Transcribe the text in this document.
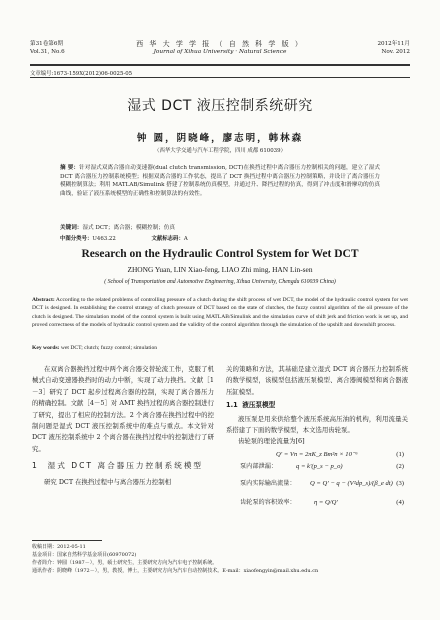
第31卷第6期
Vol.31, No.6
西 华 大 学 学 报 （ 自 然 科 学 版 ）
Journal of Xihua University · Natural Science
2012年11月
Nov. 2012
文章编号:1673-159X(2012)06-0025-05
湿式 DCT 液压控制系统研究
钟 圆，阴晓峰，廖志明，韩林森
（西华大学交通与汽车工程学院，四川 成都 610039）
摘 要：针对湿式双离合器自动变速器(dual clutch transmission, DCT)在换挡过程中离合器压力控制相关的问题，建立了湿式 DCT 离合器压力控制系统模型；根据双离合器的工作状态，提出了 DCT 换挡过程中离合器压力控制策略，并设计了离合器压力模糊控制算法；利用 MATLAB/Simulink 搭建了控制系统仿真模型，并通过升、降挡过程的仿真，得到了冲击度和滑摩功的仿真曲线，验证了液压系统模型的正确性和控制算法的有效性。
关键词：湿式 DCT；离合器；模糊控制；仿真
中图分类号：U463.22	文献标志码：A
Research on the Hydraulic Control System for Wet DCT
ZHONG Yuan, LIN Xiao-feng, LIAO Zhi ming, HAN Lin-sen
( School of Transportation and Automotive Engineering, Xihua University, Chengdu 610039 China)
Abstract: According to the related problems of controlling pressure of a clutch during the shift process of wet DCT, the model of the hydraulic control system for wet DCT is designed. In establishing the control strategy of clutch pressure of DCT based on the state of clutches, the fuzzy control algorithm of the oil pressure of the clutch is designed. The simulation model of the control system is built using MATLAB/Simulink and the simulation curve of shift jerk and friction work is set up, and proved correctness of the models of hydraulic control system and the validity of the control algorithm through the simulation of the upshift and downshift process.
Key words: wet DCT; clutch; fuzzy control; simulation

在双离合器换挡过程中两个离合器交替轮流工作，克服了机械式自动变速器换挡时的动力中断，实现了动力换挡。文献［1－3］研究了 DCT 起步过程离合器的控制，实现了离合器压力的精确控制。文献［4－5］对 AMT 换挡过程的离合器控制进行了研究，提出了相应的控制方法。2 个离合器在换挡过程中的控制问题是湿式 DCT 液压控制系统中的难点与重点。本文针对 DCT 液压控制系统中 2 个离合器在换挡过程中的控制进行了研究。

1 湿式 DCT 离合器压力控制系统模型

研究 DCT 在换挡过程中与离合器压力控制相

关的策略和方法，其基础是建立湿式 DCT 离合器压力控制系统的数学模型，该模型包括液压泵模型、离合器阀模型和离合器液压缸模型。

1.1 液压泵模型

液压泵是用来供给整个液压系统高压油的机构，利用流量关系搭建了下面的数学模型，本文选用齿轮泵。

齿轮泵的理论流量为[6]

Q' = Vn = 2πK_z Bm²n × 10⁻⁶	(1)
泵内部泄漏：	q = k'(p_s − p_o)	(2)
泵内实际输出流量： Q = Q' − q − (V²dp_s)/(β_e dt) (3)
齿轮泵的容积效率：	η = Q/Q'	(4)
收稿日期：2012-05-11
基金项目：国家自然科学基金项目(60970072)
作者简介：钟圆（1987－），男，硕士研究生，主要研究方向为汽车电子控制系统。
通讯作者：阴晓峰（1972－），男，教授，博士，主要研究方向为汽车自动控制技术。E-mail：xiaofengyin@mail.xhu.edu.cn
